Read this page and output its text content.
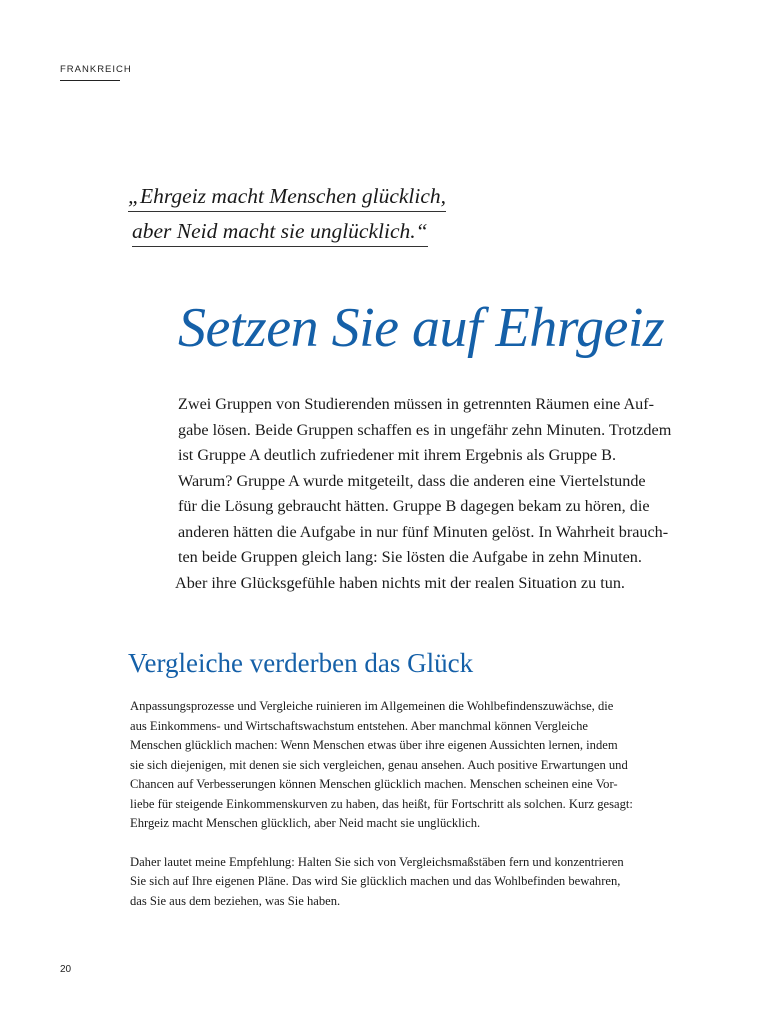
FRANKREICH
„Ehrgeiz macht Menschen glücklich,
aber Neid macht sie unglücklich.“
Setzen Sie auf Ehrgeiz
Zwei Gruppen von Studierenden müssen in getrennten Räumen eine Auf-
gabe lösen. Beide Gruppen schaffen es in ungefähr zehn Minuten. Trotzdem
ist Gruppe A deutlich zufriedener mit ihrem Ergebnis als Gruppe B.
Warum? Gruppe A wurde mitgeteilt, dass die anderen eine Viertelstunde
für die Lösung gebraucht hätten. Gruppe B dagegen bekam zu hören, die
anderen hätten die Aufgabe in nur fünf Minuten gelöst. In Wahrheit brauch-
ten beide Gruppen gleich lang: Sie lösten die Aufgabe in zehn Minuten.
Aber ihre Glücksgefühle haben nichts mit der realen Situation zu tun.
Vergleiche verderben das Glück
Anpassungsprozesse und Vergleiche ruinieren im Allgemeinen die Wohlbefindenszuwächse, die
aus Einkommens- und Wirtschaftswachstum entstehen. Aber manchmal können Vergleiche
Menschen glücklich machen: Wenn Menschen etwas über ihre eigenen Aussichten lernen, indem
sie sich diejenigen, mit denen sie sich vergleichen, genau ansehen. Auch positive Erwartungen und
Chancen auf Verbesserungen können Menschen glücklich machen. Menschen scheinen eine Vor-
liebe für steigende Einkommenskurven zu haben, das heißt, für Fortschritt als solchen. Kurz gesagt:
Ehrgeiz macht Menschen glücklich, aber Neid macht sie unglücklich.
Daher lautet meine Empfehlung: Halten Sie sich von Vergleichsmaßstäben fern und konzentrieren
Sie sich auf Ihre eigenen Pläne. Das wird Sie glücklich machen und das Wohlbefinden bewahren,
das Sie aus dem beziehen, was Sie haben.
20
